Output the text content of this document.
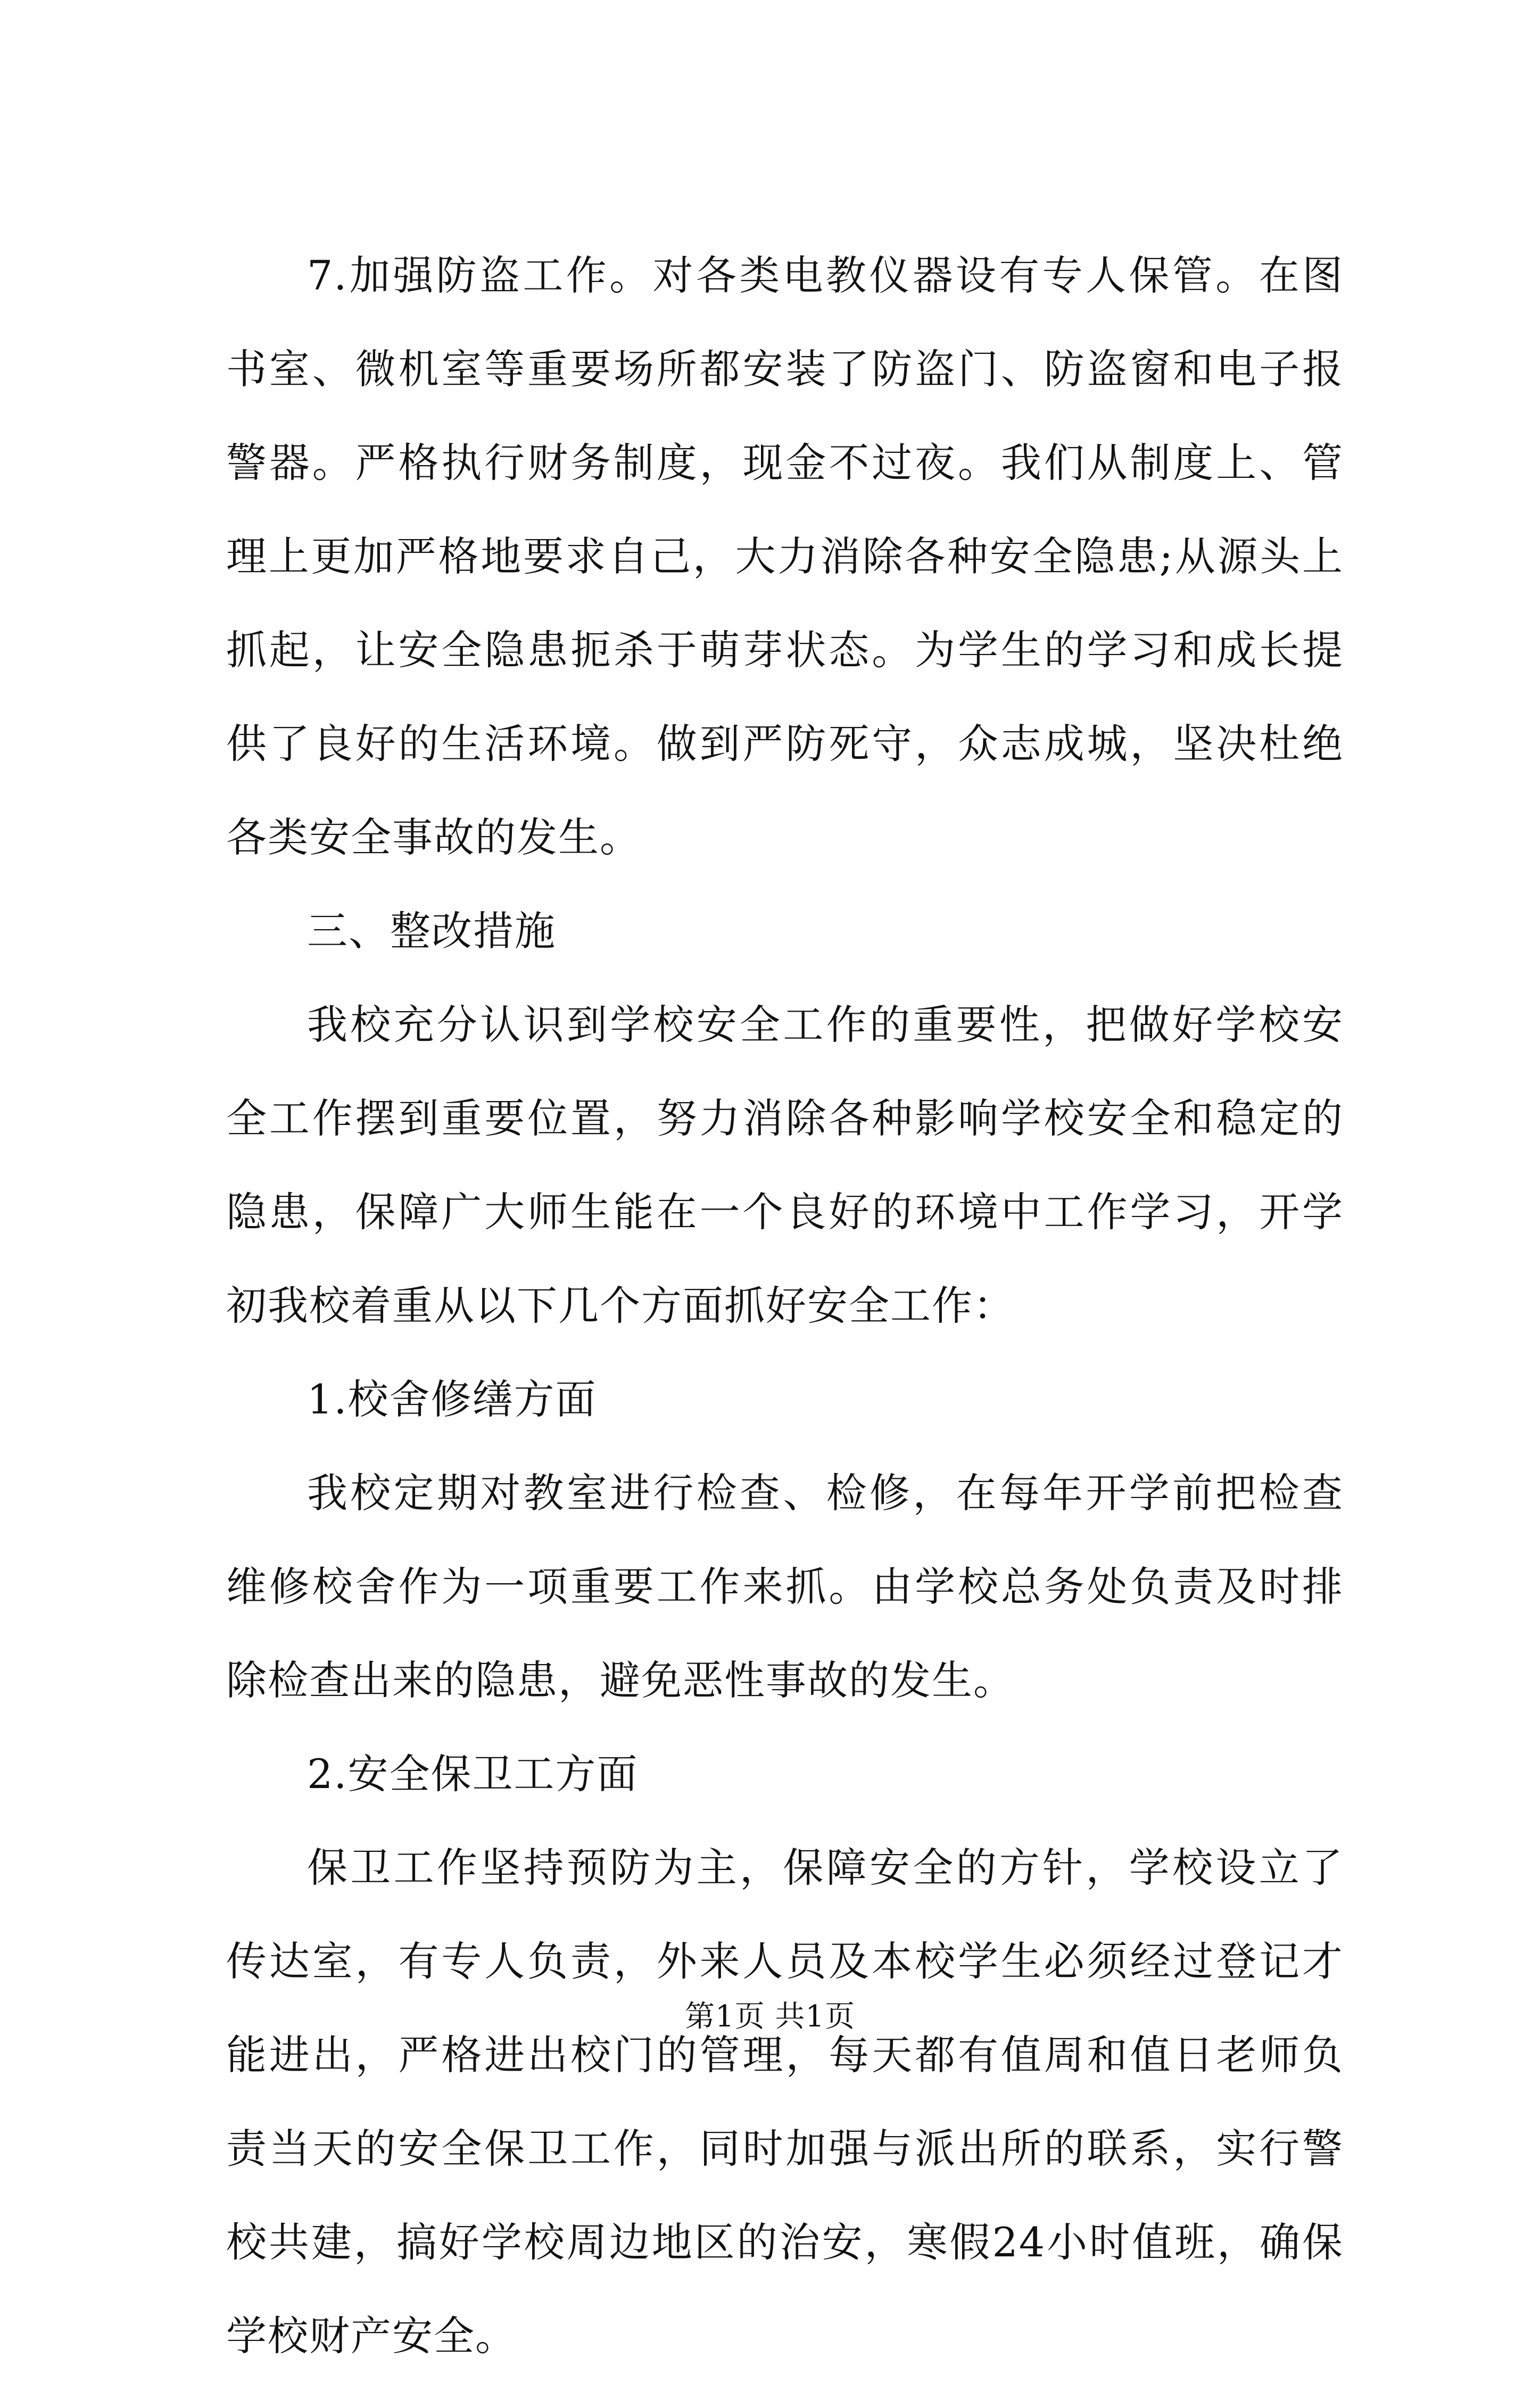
7.加强防盗工作。对各类电教仪器设有专人保管。在图书室、微机室等重要场所都安装了防盗门、防盗窗和电子报警器。严格执行财务制度，现金不过夜。我们从制度上、管理上更加严格地要求自己，大力消除各种安全隐患;从源头上抓起，让安全隐患扼杀于萌芽状态。为学生的学习和成长提供了良好的生活环境。做到严防死守，众志成城，坚决杜绝各类安全事故的发生。

三、整改措施

我校充分认识到学校安全工作的重要性，把做好学校安全工作摆到重要位置，努力消除各种影响学校安全和稳定的隐患，保障广大师生能在一个良好的环境中工作学习，开学初我校着重从以下几个方面抓好安全工作：

1.校舍修缮方面

我校定期对教室进行检查、检修，在每年开学前把检查维修校舍作为一项重要工作来抓。由学校总务处负责及时排除检查出来的隐患，避免恶性事故的发生。

2.安全保卫工方面

保卫工作坚持预防为主，保障安全的方针，学校设立了传达室，有专人负责，外来人员及本校学生必须经过登记才能进出，严格进出校门的管理，每天都有值周和值日老师负责当天的安全保卫工作，同时加强与派出所的联系，实行警校共建，搞好学校周边地区的治安，寒假24小时值班，确保学校财产安全。

第1页 共1页
